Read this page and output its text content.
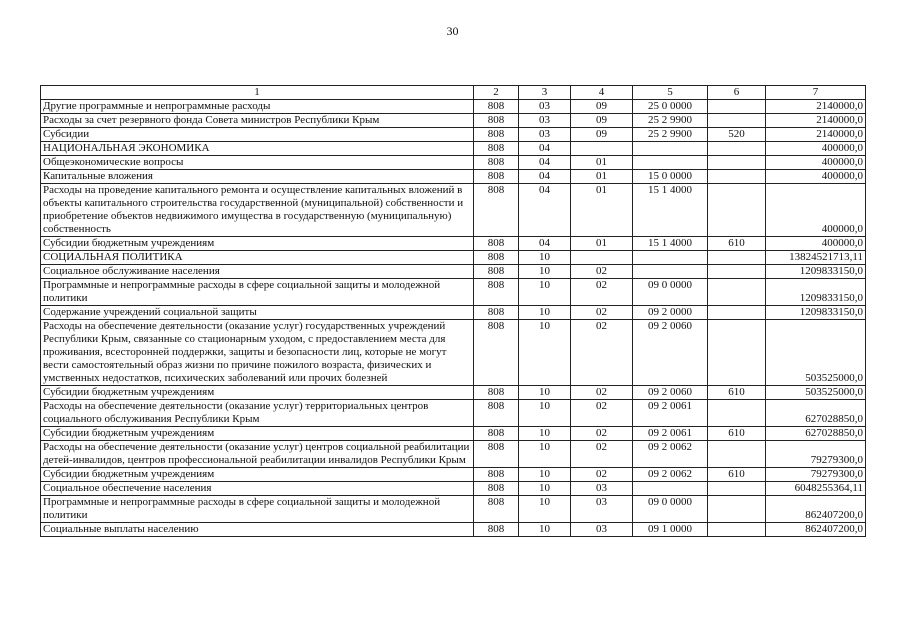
30
1	2	3	4	5	6	7
Другие программные и непрограммные расходы	808	03	09	25 0 0000		2140000,0
Расходы за счет резервного фонда Совета министров Республики Крым	808	03	09	25 2 9900		2140000,0
Субсидии	808	03	09	25 2 9900	520	2140000,0
НАЦИОНАЛЬНАЯ ЭКОНОМИКА	808	04				400000,0
Общеэкономические вопросы	808	04	01			400000,0
Капитальные вложения	808	04	01	15 0 0000		400000,0
Расходы на проведение капитального ремонта и осуществление капитальных вложений в объекты капитального строительства государственной (муниципальной) собственности и приобретение объектов недвижимого имущества в государственную (муниципальную) собственность	808	04	01	15 1 4000		400000,0
Субсидии бюджетным учреждениям	808	04	01	15 1 4000	610	400000,0
СОЦИАЛЬНАЯ ПОЛИТИКА	808	10				13824521713,11
Социальное обслуживание населения	808	10	02			1209833150,0
Программные и непрограммные расходы в сфере социальной защиты и молодежной политики	808	10	02	09 0 0000		1209833150,0
Содержание учреждений социальной защиты	808	10	02	09 2 0000		1209833150,0
Расходы на обеспечение деятельности (оказание услуг) государственных учреждений Республики Крым, связанные со стационарным уходом, с предоставлением места для проживания, всесторонней поддержки, защиты и безопасности лиц, которые не могут вести самостоятельный образ жизни по причине пожилого возраста, физических и умственных недостатков, психических заболеваний или прочих болезней	808	10	02	09 2 0060		503525000,0
Субсидии бюджетным учреждениям	808	10	02	09 2 0060	610	503525000,0
Расходы на обеспечение деятельности (оказание услуг) территориальных центров социального обслуживания Республики Крым	808	10	02	09 2 0061		627028850,0
Субсидии бюджетным учреждениям	808	10	02	09 2 0061	610	627028850,0
Расходы на обеспечение деятельности (оказание услуг) центров социальной реабилитации детей-инвалидов, центров профессиональной реабилитации инвалидов Республики Крым	808	10	02	09 2 0062		79279300,0
Субсидии бюджетным учреждениям	808	10	02	09 2 0062	610	79279300,0
Социальное обеспечение населения	808	10	03			6048255364,11
Программные и непрограммные расходы в сфере социальной защиты и молодежной политики	808	10	03	09 0 0000		862407200,0
Социальные выплаты населению	808	10	03	09 1 0000		862407200,0
